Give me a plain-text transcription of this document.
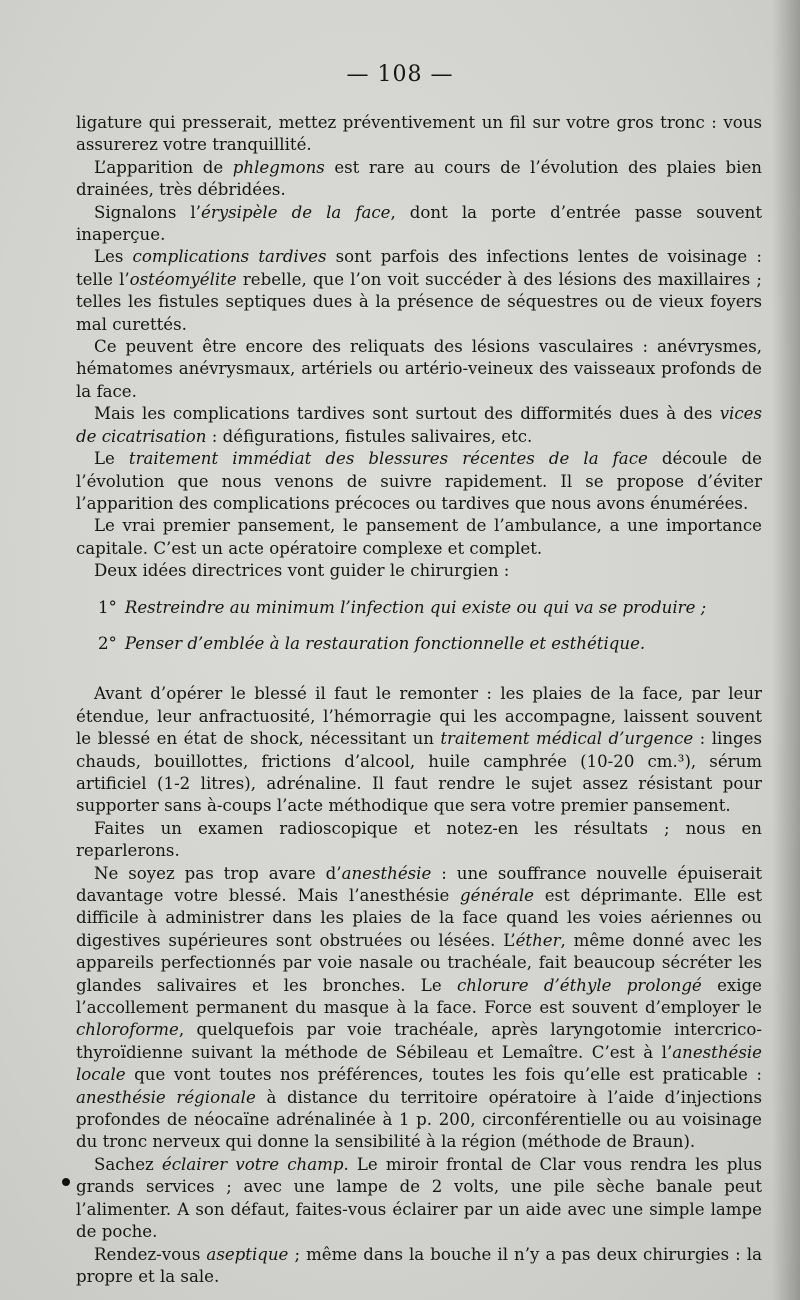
— 108 —

ligature qui presserait, mettez préventivement un fil sur votre gros tronc : vous assurerez votre tranquillité.

L’apparition de phlegmons est rare au cours de l’évolution des plaies bien drainées, très débridées.

Signalons l’érysipèle de la face, dont la porte d’entrée passe souvent inaperçue.

Les complications tardives sont parfois des infections lentes de voisinage : telle l’ostéomyélite rebelle, que l’on voit succéder à des lésions des maxillaires ; telles les fistules septiques dues à la présence de séquestres ou de vieux foyers mal curettés.

Ce peuvent être encore des reliquats des lésions vasculaires : anévrysmes, hématomes anévrysmaux, artériels ou artério-veineux des vaisseaux profonds de la face.

Mais les complications tardives sont surtout des difformités dues à des vices de cicatrisation : défigurations, fistules salivaires, etc.

Le traitement immédiat des blessures récentes de la face découle de l’évolution que nous venons de suivre rapidement. Il se propose d’éviter l’apparition des complications précoces ou tardives que nous avons énumérées.

Le vrai premier pansement, le pansement de l’ambulance, a une importance capitale. C’est un acte opératoire complexe et complet.

Deux idées directrices vont guider le chirurgien :

1° Restreindre au minimum l’infection qui existe ou qui va se produire ;

2° Penser d’emblée à la restauration fonctionnelle et esthétique.

Avant d’opérer le blessé il faut le remonter : les plaies de la face, par leur étendue, leur anfractuosité, l’hémorragie qui les accompagne, laissent souvent le blessé en état de shock, nécessitant un traitement médical d’urgence : linges chauds, bouillottes, frictions d’alcool, huile camphrée (10-20 cm.³), sérum artificiel (1-2 litres), adrénaline. Il faut rendre le sujet assez résistant pour supporter sans à-coups l’acte méthodique que sera votre premier pansement.

Faites un examen radioscopique et notez-en les résultats ; nous en reparlerons.

Ne soyez pas trop avare d’anesthésie : une souffrance nouvelle épuiserait davantage votre blessé. Mais l’anesthésie générale est déprimante. Elle est difficile à administrer dans les plaies de la face quand les voies aériennes ou digestives supérieures sont obstruées ou lésées. L’éther, même donné avec les appareils perfectionnés par voie nasale ou trachéale, fait beaucoup sécréter les glandes salivaires et les bronches. Le chlorure d’éthyle prolongé exige l’accollement permanent du masque à la face. Force est souvent d’employer le chloroforme, quelquefois par voie trachéale, après laryngotomie intercrico-thyroïdienne suivant la méthode de Sébileau et Lemaître. C’est à l’anesthésie locale que vont toutes nos préférences, toutes les fois qu’elle est praticable : anesthésie régionale à distance du territoire opératoire à l’aide d’injections profondes de néocaïne adrénalinée à 1 p. 200, circonférentielle ou au voisinage du tronc nerveux qui donne la sensibilité à la région (méthode de Braun).

Sachez éclairer votre champ. Le miroir frontal de Clar vous rendra les plus grands services ; avec une lampe de 2 volts, une pile sèche banale peut l’alimenter. A son défaut, faites-vous éclairer par un aide avec une simple lampe de poche.

Rendez-vous aseptique ; même dans la bouche il n’y a pas deux chirurgies : la propre et la sale.
